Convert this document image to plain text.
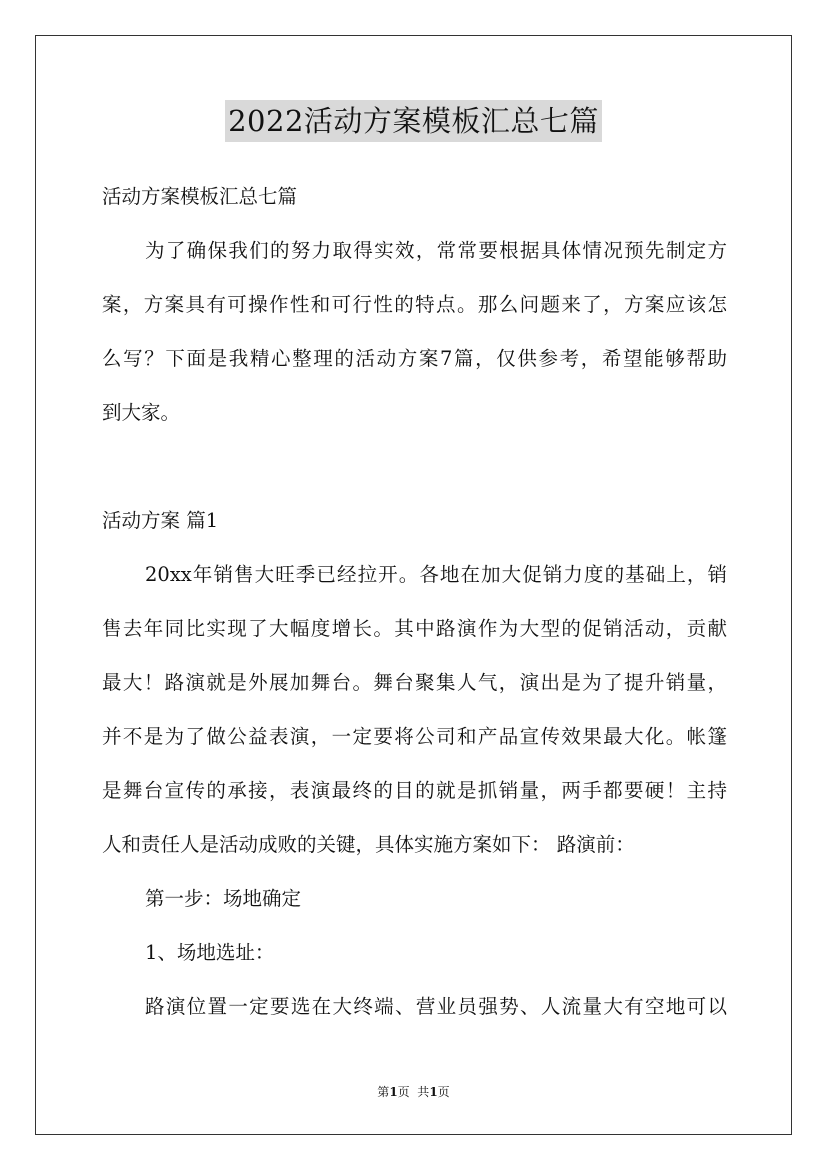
2022活动方案模板汇总七篇
活动方案模板汇总七篇
为了确保我们的努力取得实效，常常要根据具体情况预先制定方
案，方案具有可操作性和可行性的特点。那么问题来了，方案应该怎
么写？下面是我精心整理的活动方案7篇，仅供参考，希望能够帮助
到大家。
活动方案 篇1
20xx年销售大旺季已经拉开。各地在加大促销力度的基础上，销
售去年同比实现了大幅度增长。其中路演作为大型的促销活动，贡献
最大！路演就是外展加舞台。舞台聚集人气，演出是为了提升销量，
并不是为了做公益表演，一定要将公司和产品宣传效果最大化。帐篷
是舞台宣传的承接，表演最终的目的就是抓销量，两手都要硬！主持
人和责任人是活动成败的关键，具体实施方案如下： 路演前：
第一步：场地确定
1、场地选址：
路演位置一定要选在大终端、营业员强势、人流量大有空地可以
第1页  共1页
